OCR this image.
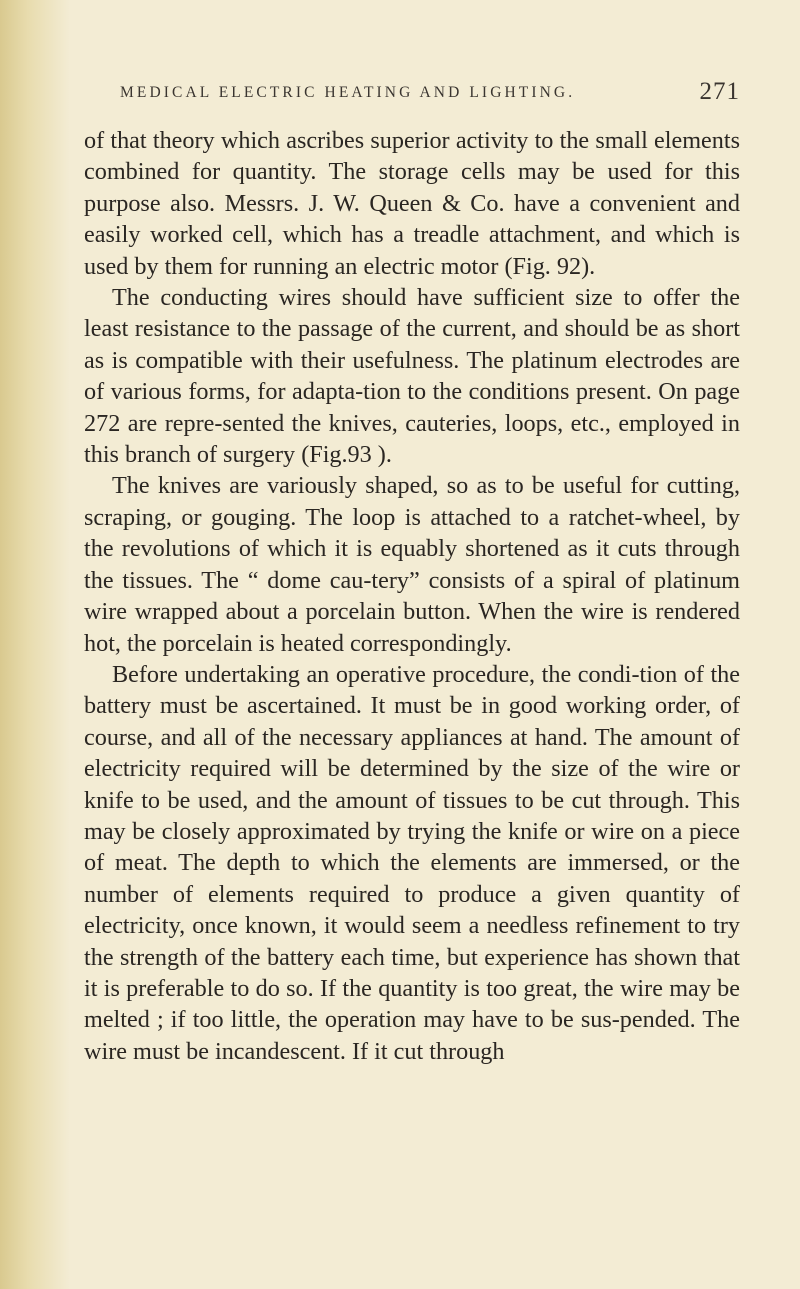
MEDICAL ELECTRIC HEATING AND LIGHTING.	271

of that theory which ascribes superior activity to the small elements combined for quantity. The storage cells may be used for this purpose also. Messrs. J. W. Queen & Co. have a convenient and easily worked cell, which has a treadle attachment, and which is used by them for running an electric motor (Fig. 92).

The conducting wires should have sufficient size to offer the least resistance to the passage of the current, and should be as short as is compatible with their usefulness. The platinum electrodes are of various forms, for adapta-tion to the conditions present. On page 272 are repre-sented the knives, cauteries, loops, etc., employed in this branch of surgery (Fig.93 ).

The knives are variously shaped, so as to be useful for cutting, scraping, or gouging. The loop is attached to a ratchet-wheel, by the revolutions of which it is equably shortened as it cuts through the tissues. The “ dome cau-tery” consists of a spiral of platinum wire wrapped about a porcelain button. When the wire is rendered hot, the porcelain is heated correspondingly.

Before undertaking an operative procedure, the condi-tion of the battery must be ascertained. It must be in good working order, of course, and all of the necessary appliances at hand. The amount of electricity required will be determined by the size of the wire or knife to be used, and the amount of tissues to be cut through. This may be closely approximated by trying the knife or wire on a piece of meat. The depth to which the elements are immersed, or the number of elements required to produce a given quantity of electricity, once known, it would seem a needless refinement to try the strength of the battery each time, but experience has shown that it is preferable to do so. If the quantity is too great, the wire may be melted ; if too little, the operation may have to be sus-pended. The wire must be incandescent. If it cut through
